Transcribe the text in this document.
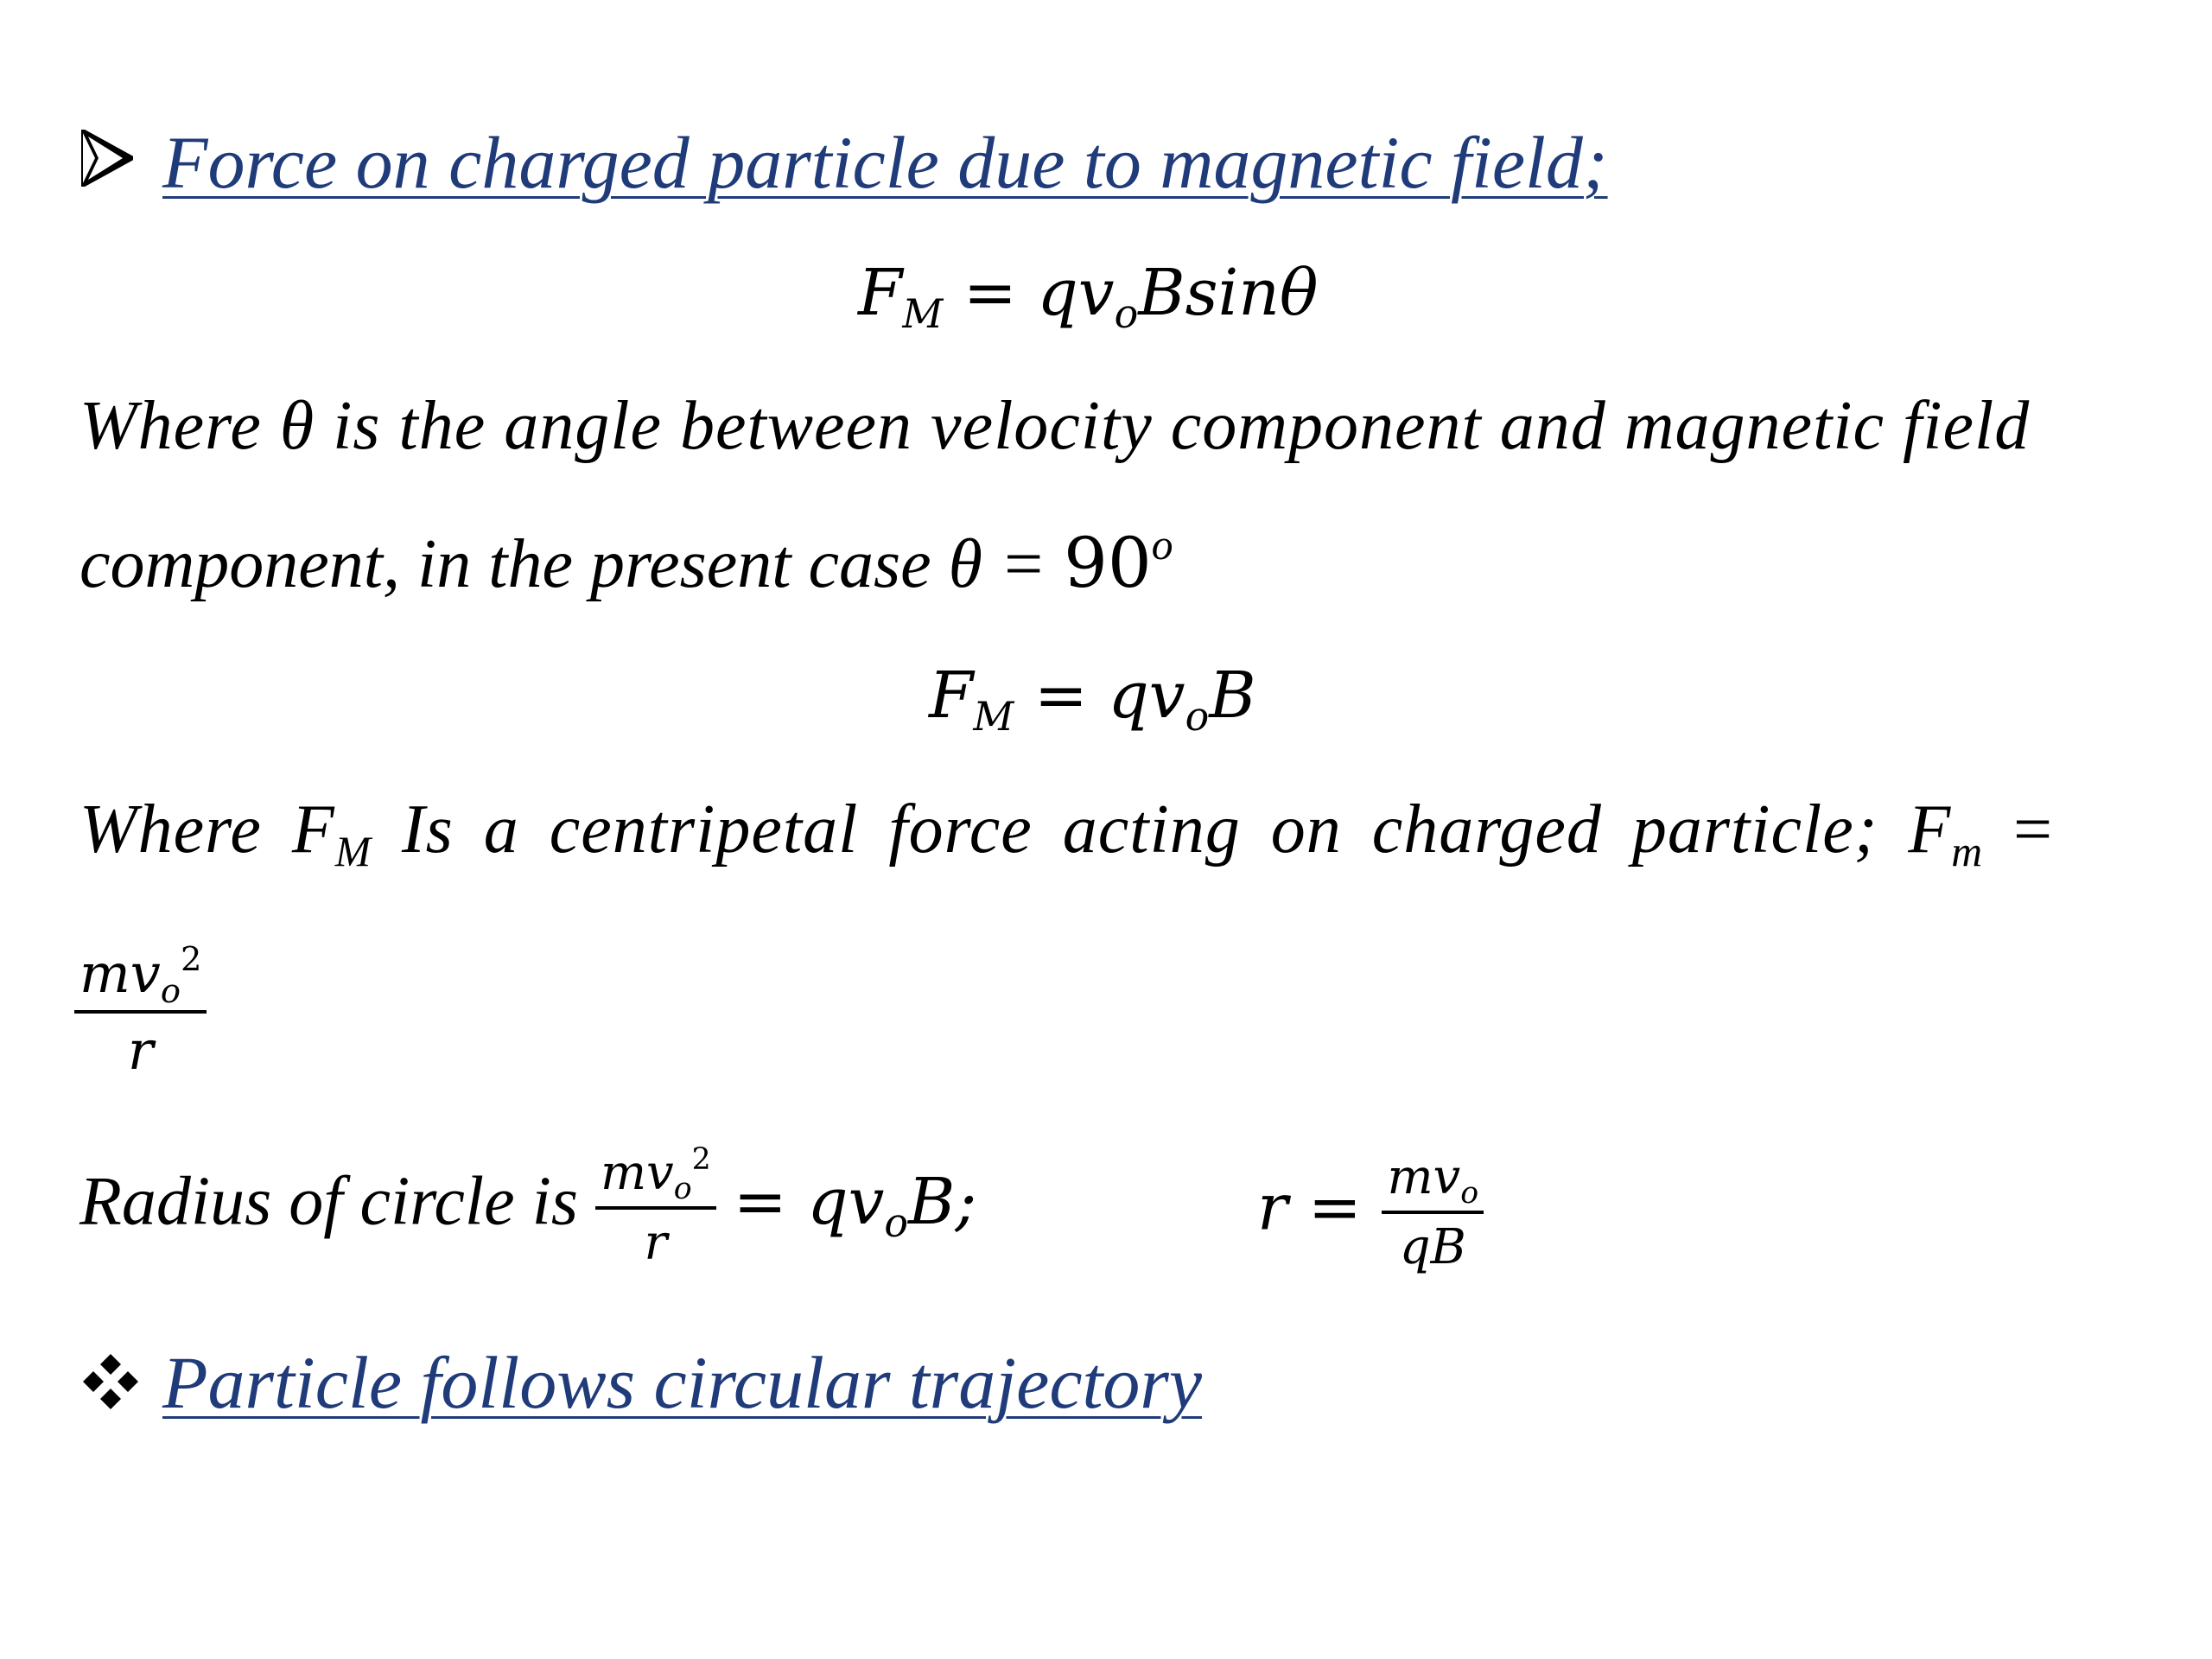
Force on charged particle due to magnetic field;
$F_M = qv_oBsin\theta$
Where θ is the angle between velocity component and magnetic field
component, in the present case $\theta = 90^o$
$F_M = qv_oB$
Where $F_M$ Is a centripetal force acting on charged particle; $F_m$ =
$\frac{mv_o^2}{r}$
Radius of circle is $\frac{mv_o^2}{r} = qv_oB$;	$r = \frac{mv_o}{qB}$
Particle follows circular trajectory
